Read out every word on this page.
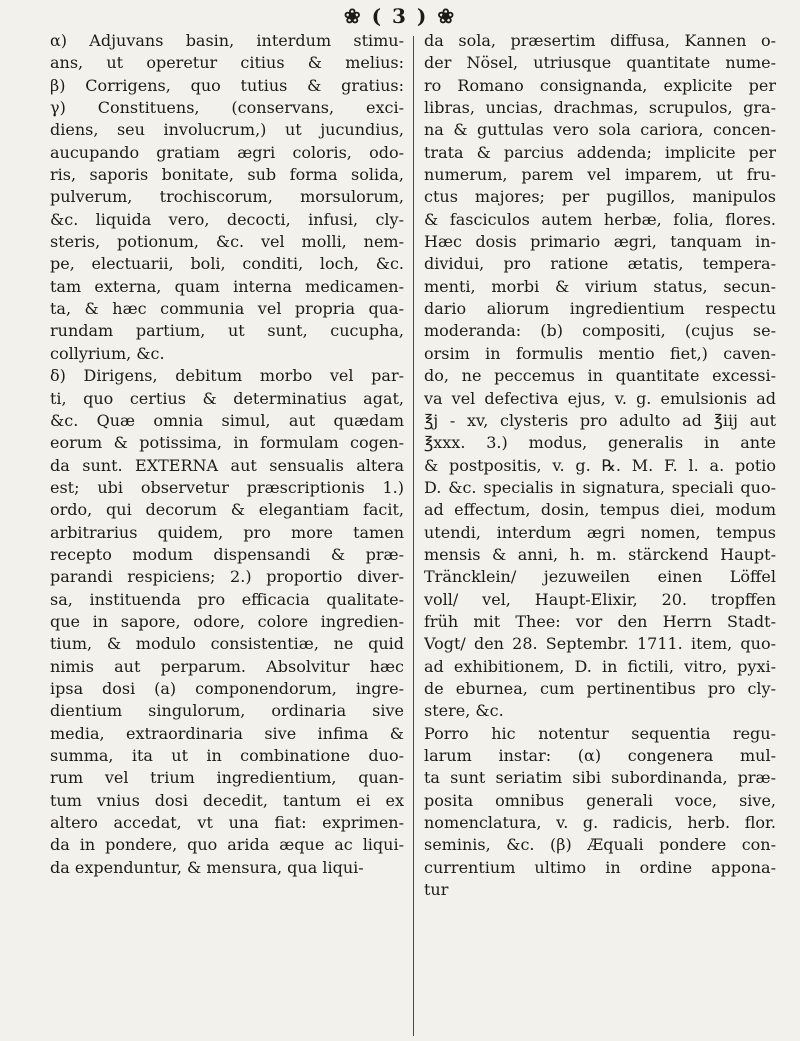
❀ ( 3 ) ❀
α) Adjuvans basin, interdum stimu-
ans, ut operetur citius & melius:
β) Corrigens, quo tutius & gratius:
γ) Constituens, (conservans, exci-
diens, seu involucrum,) ut jucundius,
aucupando gratiam ægri coloris, odo-
ris, saporis bonitate, sub forma solida,
pulverum, trochiscorum, morsulorum,
&c. liquida vero, decocti, infusi, cly-
steris, potionum, &c. vel molli, nem-
pe, electuarii, boli, conditi, loch, &c.
tam externa, quam interna medicamen-
ta, & hæc communia vel propria qua-
rundam partium, ut sunt, cucupha,
collyrium, &c.
δ) Dirigens, debitum morbo vel par-
ti, quo certius & determinatius agat,
&c. Quæ omnia simul, aut quædam
eorum & potissima, in formulam cogen-
da sunt. EXTERNA aut sensualis altera
est; ubi observetur præscriptionis 1.)
ordo, qui decorum & elegantiam facit,
arbitrarius quidem, pro more tamen
recepto modum dispensandi & præ-
parandi respiciens; 2.) proportio diver-
sa, instituenda pro efficacia qualitate-
que in sapore, odore, colore ingredien-
tium, & modulo consistentiæ, ne quid
nimis aut perparum. Absolvitur hæc
ipsa dosi (a) componendorum, ingre-
dientium singulorum, ordinaria sive
media, extraordinaria sive infima &
summa, ita ut in combinatione duo-
rum vel trium ingredientium, quan-
tum vnius dosi decedit, tantum ei ex
altero accedat, vt una fiat: exprimen-
da in pondere, quo arida æque ac liqui-
da expenduntur, & mensura, qua liqui-
da sola, præsertim diffusa, Kannen o-
der Nösel, utriusque quantitate nume-
ro Romano consignanda, explicite per
libras, uncias, drachmas, scrupulos, gra-
na & guttulas vero sola cariora, concen-
trata & parcius addenda; implicite per
numerum, parem vel imparem, ut fru-
ctus majores; per pugillos, manipulos
& fasciculos autem herbæ, folia, flores.
Hæc dosis primario ægri, tanquam in-
dividui, pro ratione ætatis, tempera-
menti, morbi & virium status, secun-
dario aliorum ingredientium respectu
moderanda: (b) compositi, (cujus se-
orsim in formulis mentio fiet,) caven-
do, ne peccemus in quantitate excessi-
va vel defectiva ejus, v. g. emulsionis ad
℥j - xv, clysteris pro adulto ad ℥iij aut
℥xxx. 3.) modus, generalis in ante
& postpositis, v. g. ℞. M. F. l. a. potio
D. &c. specialis in signatura, speciali quo-
ad effectum, dosin, tempus diei, modum
utendi, interdum ægri nomen, tempus
mensis & anni, h. m. stärckend Haupt-
Träncklein/ jezuweilen einen Löffel
voll/ vel, Haupt-Elixir, 20. tropffen
früh mit Thee: vor den Herrn Stadt-
Vogt/ den 28. Septembr. 1711. item, quo-
ad exhibitionem, D. in fictili, vitro, pyxi-
de eburnea, cum pertinentibus pro cly-
stere, &c.
Porro hic notentur sequentia regu-
larum instar: (α) congenera mul-
ta sunt seriatim sibi subordinanda, præ-
posita omnibus generali voce, sive,
nomenclatura, v. g. radicis, herb. flor.
seminis, &c. (β) Æquali pondere con-
currentium ultimo in ordine appona-
tur
